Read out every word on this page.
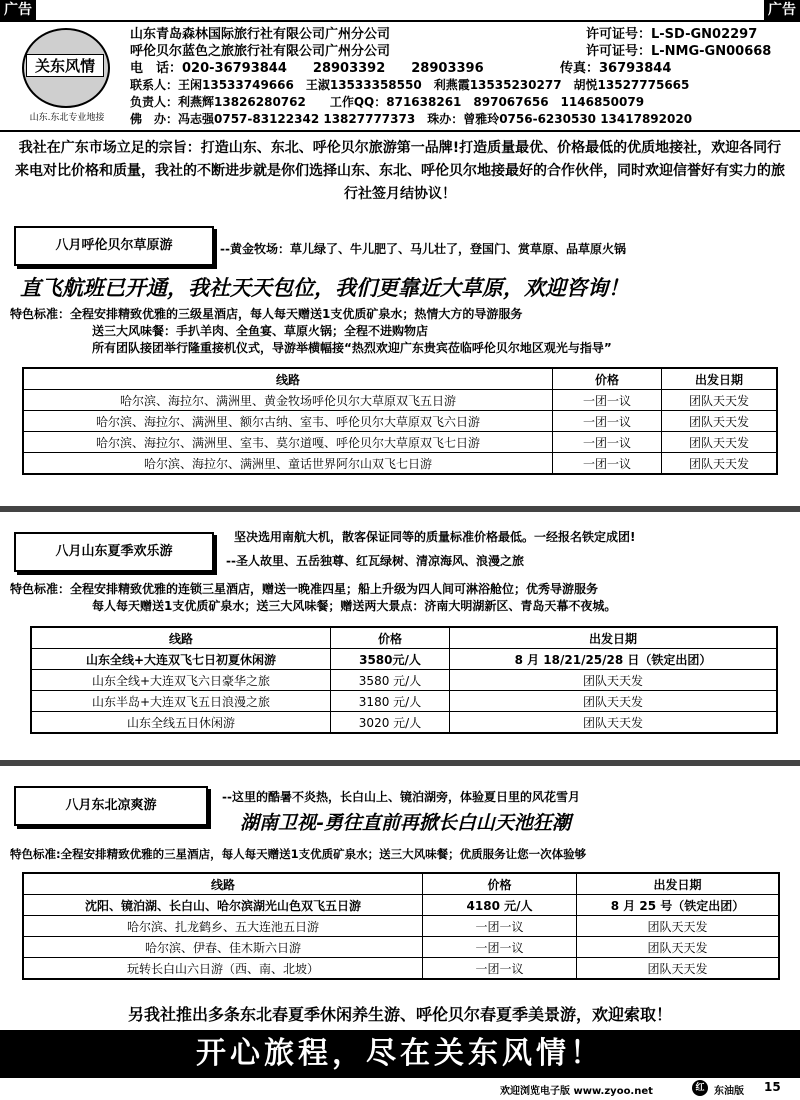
广告	广告
关东风情
山东.东北专业地接
山东青岛森林国际旅行社有限公司广州分公司	许可证号：L-SD-GN02297
呼伦贝尔蓝色之旅旅行社有限公司广州分公司	许可证号：L-NMG-GN00668
电　话：020-36793844　　28903392　　28903396	传真：36793844
联系人：王闲13533749666　王淑13533358550　利燕霞13535230277　胡悦13527775665
负责人：利燕辉13826280762　　工作QQ：871638261　897067656　1146850079
佛　办：冯志强0757-83122342 13827777373　珠办：曾雅玲0756-6230530 13417892020
我社在广东市场立足的宗旨：打造山东、东北、呼伦贝尔旅游第一品牌!打造质量最优、价格最低的优质地接社，欢迎各同行来电对比价格和质量，我社的不断进步就是你们选择山东、东北、呼伦贝尔地接最好的合作伙伴，同时欢迎信誉好有实力的旅行社签月结协议！
八月呼伦贝尔草原游	--黄金牧场：草儿绿了、牛儿肥了、马儿壮了，登国门、赏草原、品草原火锅
直飞航班已开通，我社天天包位，我们更靠近大草原，欢迎咨询！
特色标准：全程安排精致优雅的三级星酒店，每人每天赠送1支优质矿泉水；热情大方的导游服务
送三大风味餐：手扒羊肉、全鱼宴、草原火锅；全程不进购物店
所有团队接团举行隆重接机仪式，导游举横幅接“热烈欢迎广东贵宾莅临呼伦贝尔地区观光与指导”
线路	价格	出发日期
哈尔滨、海拉尔、满洲里、黄金牧场呼伦贝尔大草原双飞五日游	一团一议	团队天天发
哈尔滨、海拉尔、满洲里、额尔古纳、室韦、呼伦贝尔大草原双飞六日游	一团一议	团队天天发
哈尔滨、海拉尔、满洲里、室韦、莫尔道嘎、呼伦贝尔大草原双飞七日游	一团一议	团队天天发
哈尔滨、海拉尔、满洲里、童话世界阿尔山双飞七日游	一团一议	团队天天发
八月山东夏季欢乐游
坚决选用南航大机，散客保证同等的质量标准价格最低。一经报名铁定成团!
--圣人故里、五岳独尊、红瓦绿树、清凉海风、浪漫之旅
特色标准：全程安排精致优雅的连锁三星酒店，赠送一晚准四星；船上升级为四人间可淋浴舱位；优秀导游服务
每人每天赠送1支优质矿泉水；送三大风味餐；赠送两大景点：济南大明湖新区、青岛天幕不夜城。
线路	价格	出发日期
山东全线+大连双飞七日初夏休闲游	3580元/人	8 月 18/21/25/28 日（铁定出团）
山东全线+大连双飞六日豪华之旅	3580 元/人	团队天天发
山东半岛+大连双飞五日浪漫之旅	3180 元/人	团队天天发
山东全线五日休闲游	3020 元/人	团队天天发
八月东北凉爽游
--这里的酷暑不炎热，长白山上、镜泊湖旁，体验夏日里的风花雪月
湖南卫视-勇往直前再掀长白山天池狂潮
特色标准:全程安排精致优雅的三星酒店，每人每天赠送1支优质矿泉水；送三大风味餐；优质服务让您一次体验够
线路	价格	出发日期
沈阳、镜泊湖、长白山、哈尔滨湖光山色双飞五日游	4180 元/人	8 月 25 号（铁定出团）
哈尔滨、扎龙鹤乡、五大连池五日游	一团一议	团队天天发
哈尔滨、伊春、佳木斯六日游	一团一议	团队天天发
玩转长白山六日游（西、南、北坡）	一团一议	团队天天发
另我社推出多条东北春夏季休闲养生游、呼伦贝尔春夏季美景游，欢迎索取！
开心旅程，尽在关东风情！
欢迎浏览电子版 www.zyoo.net	红 东油版 15
